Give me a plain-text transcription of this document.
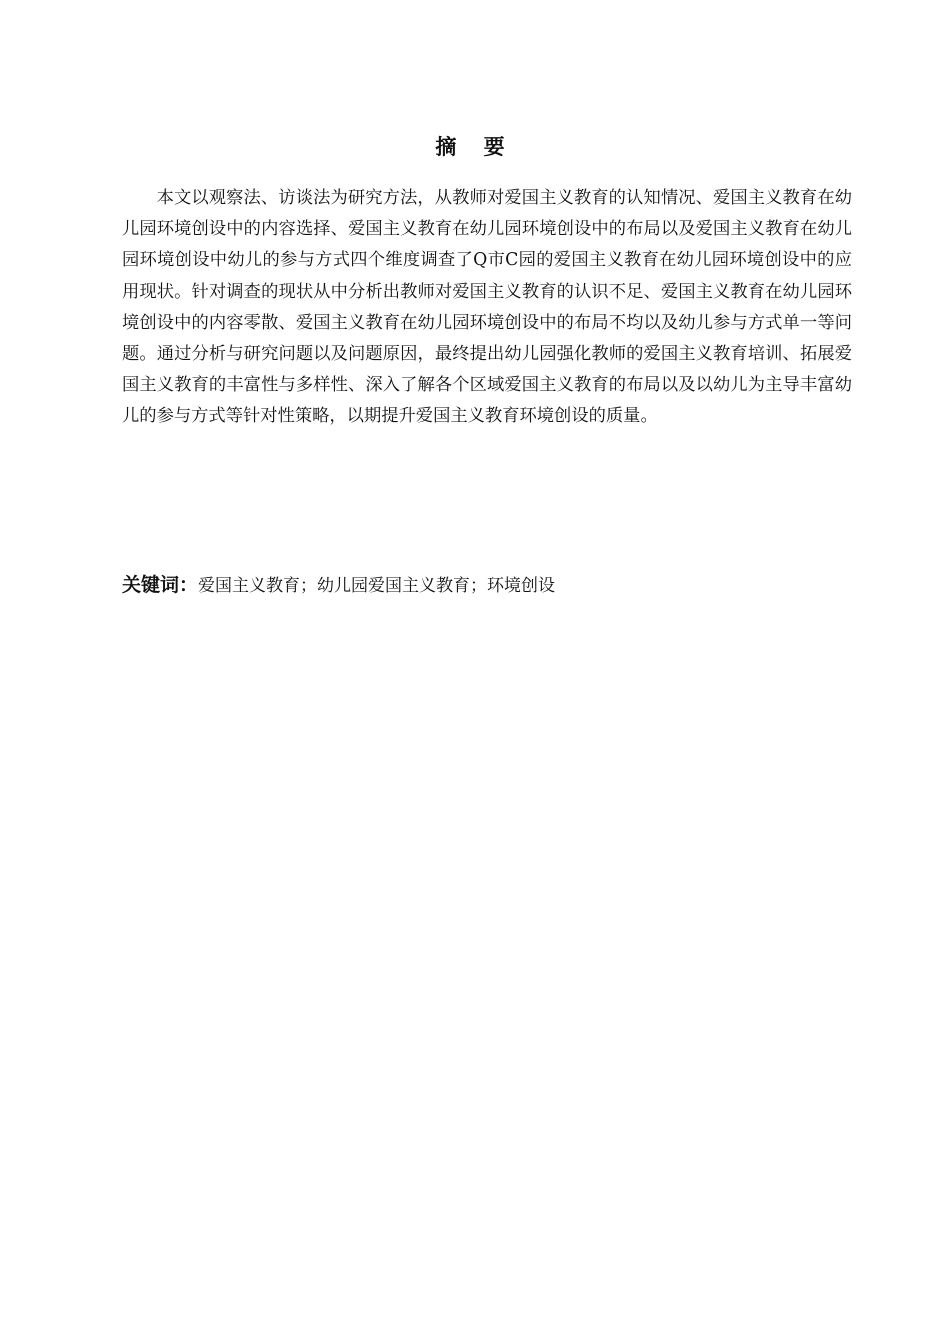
摘 要

本文以观察法、访谈法为研究方法，从教师对爱国主义教育的认知情况、爱国主义教育在幼儿园环境创设中的内容选择、爱国主义教育在幼儿园环境创设中的布局以及爱国主义教育在幼儿园环境创设中幼儿的参与方式四个维度调查了Q市C园的爱国主义教育在幼儿园环境创设中的应用现状。针对调查的现状从中分析出教师对爱国主义教育的认识不足、爱国主义教育在幼儿园环境创设中的内容零散、爱国主义教育在幼儿园环境创设中的布局不均以及幼儿参与方式单一等问题。通过分析与研究问题以及问题原因，最终提出幼儿园强化教师的爱国主义教育培训、拓展爱国主义教育的丰富性与多样性、深入了解各个区域爱国主义教育的布局以及以幼儿为主导丰富幼儿的参与方式等针对性策略，以期提升爱国主义教育环境创设的质量。

关键词：爱国主义教育；幼儿园爱国主义教育；环境创设
